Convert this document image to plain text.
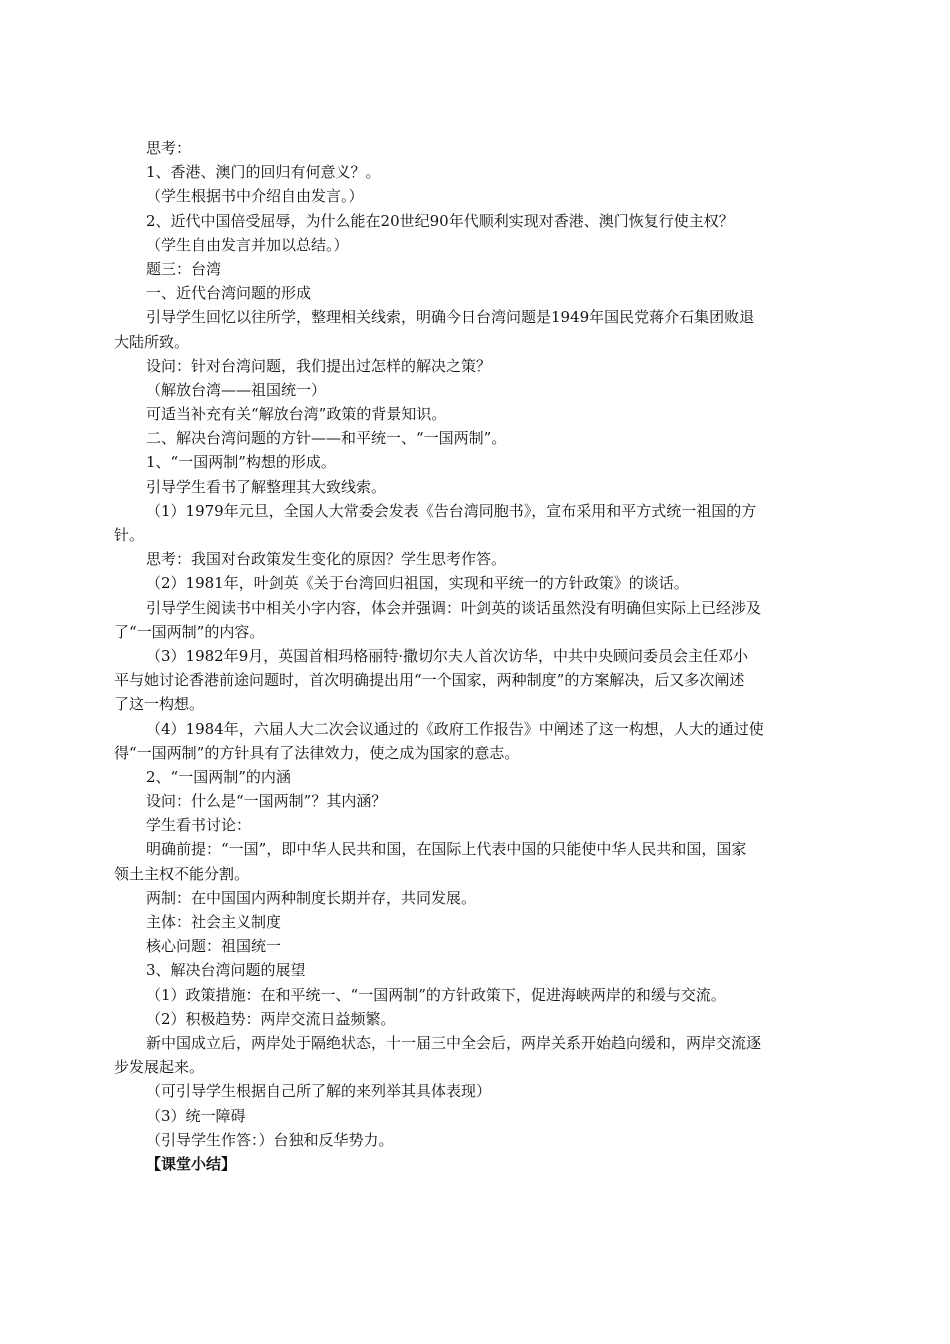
思考：
1、香港、澳门的回归有何意义？。
（学生根据书中介绍自由发言。）
2、近代中国倍受屈辱，为什么能在20世纪90年代顺利实现对香港、澳门恢复行使主权？
（学生自由发言并加以总结。）
题三：台湾
一、近代台湾问题的形成
引导学生回忆以往所学，整理相关线索，明确今日台湾问题是1949年国民党蒋介石集团败退
大陆所致。
设问：针对台湾问题，我们提出过怎样的解决之策？
（解放台湾——祖国统一）
可适当补充有关“解放台湾”政策的背景知识。
二、解决台湾问题的方针——和平统一、“一国两制”。
1、“一国两制”构想的形成。
引导学生看书了解整理其大致线索。
（1）1979年元旦，全国人大常委会发表《告台湾同胞书》，宣布采用和平方式统一祖国的方
针。
思考：我国对台政策发生变化的原因？学生思考作答。
（2）1981年，叶剑英《关于台湾回归祖国，实现和平统一的方针政策》的谈话。
引导学生阅读书中相关小字内容，体会并强调：叶剑英的谈话虽然没有明确但实际上已经涉及
了“一国两制”的内容。
（3）1982年9月，英国首相玛格丽特·撒切尔夫人首次访华，中共中央顾问委员会主任邓小
平与她讨论香港前途问题时，首次明确提出用“一个国家，两种制度”的方案解决，后又多次阐述
了这一构想。
（4）1984年，六届人大二次会议通过的《政府工作报告》中阐述了这一构想，人大的通过使
得“一国两制”的方针具有了法律效力，使之成为国家的意志。
2、“一国两制”的内涵
设问：什么是“一国两制”？其内涵？
学生看书讨论：
明确前提：“一国”，即中华人民共和国，在国际上代表中国的只能使中华人民共和国，国家
领土主权不能分割。
两制：在中国国内两种制度长期并存，共同发展。
主体：社会主义制度
核心问题：祖国统一
3、解决台湾问题的展望
（1）政策措施：在和平统一、“一国两制”的方针政策下，促进海峡两岸的和缓与交流。
（2）积极趋势：两岸交流日益频繁。
新中国成立后，两岸处于隔绝状态，十一届三中全会后，两岸关系开始趋向缓和，两岸交流逐
步发展起来。
（可引导学生根据自己所了解的来列举其具体表现）
（3）统一障碍
（引导学生作答：）台独和反华势力。
【课堂小结】
